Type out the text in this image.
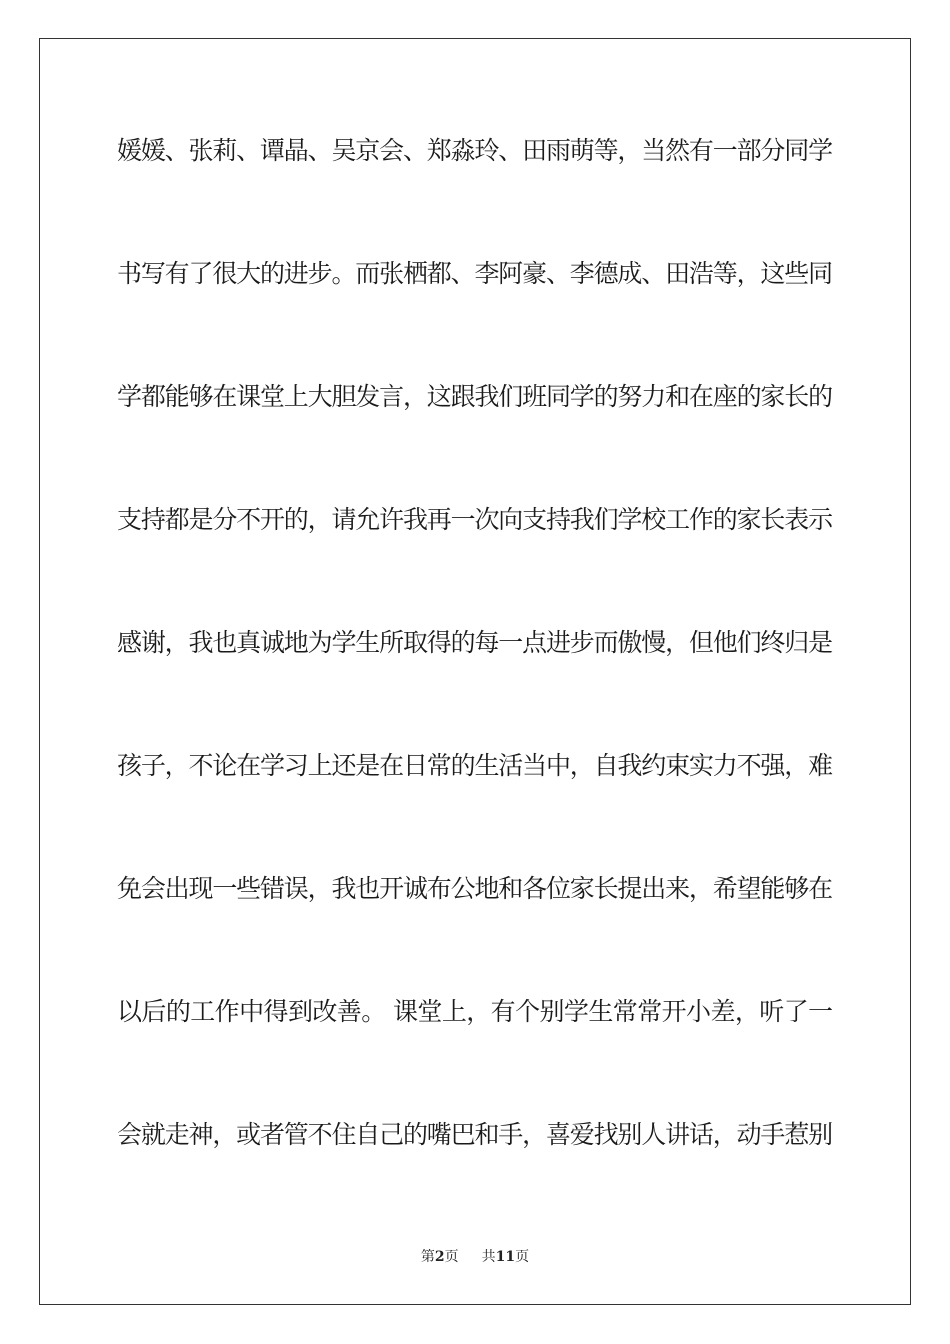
媛媛、张莉、谭晶、吴京会、郑淼玲、田雨萌等，当然有一部分同学
书写有了很大的进步。而张栖都、李阿豪、李德成、田浩等，这些同
学都能够在课堂上大胆发言，这跟我们班同学的努力和在座的家长的
支持都是分不开的，请允许我再一次向支持我们学校工作的家长表示
感谢，我也真诚地为学生所取得的每一点进步而傲慢，但他们终归是
孩子，不论在学习上还是在日常的生活当中，自我约束实力不强，难
免会出现一些错误，我也开诚布公地和各位家长提出来，希望能够在
以后的工作中得到改善。 课堂上，有个别学生常常开小差，听了一
会就走神，或者管不住自己的嘴巴和手，喜爱找别人讲话，动手惹别
第2页 共11页
